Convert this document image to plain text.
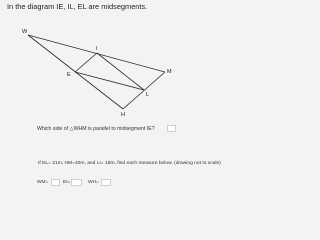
In the diagram IE, IL, EL are midsegments.
W
I
M
E
L
H
Which side of △WHM is parallel to midsegment IE?
If EL= 21m, HM=40m, and LI= 18m, find each measure below. (drawing not to scale)
WM=	EI=	WH=
